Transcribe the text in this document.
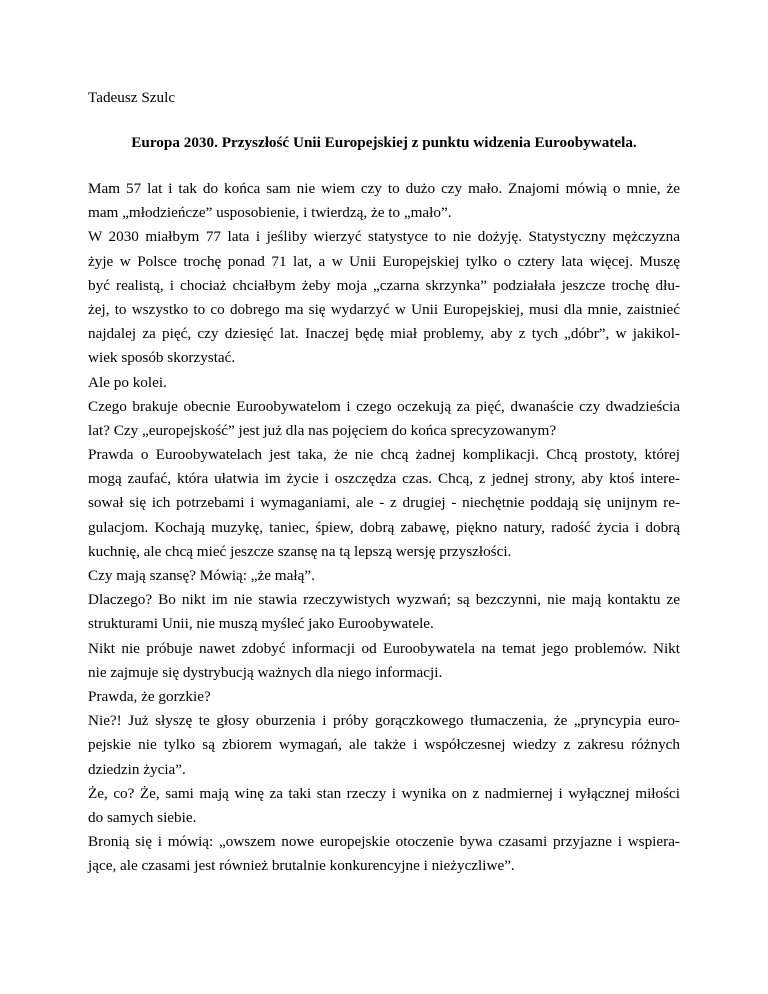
Tadeusz Szulc
Europa 2030. Przyszłość Unii Europejskiej z punktu widzenia Euroobywatela.
Mam 57 lat i tak do końca sam nie wiem czy to dużo czy mało. Znajomi mówią o mnie, że
mam „młodzieńcze” usposobienie, i twierdzą, że to „mało”.
W 2030 miałbym 77 lata i jeśliby wierzyć statystyce to nie dożyję. Statystyczny mężczyzna
żyje w Polsce trochę ponad 71 lat, a w Unii Europejskiej tylko o cztery lata więcej. Muszę
być realistą, i chociaż chciałbym żeby moja „czarna skrzynka” podziałała jeszcze trochę dłu-
żej, to wszystko to co dobrego ma się wydarzyć w Unii Europejskiej, musi dla mnie, zaistnieć
najdalej za pięć, czy dziesięć lat. Inaczej będę miał problemy, aby z tych „dóbr”, w jakikol-
wiek sposób skorzystać.
Ale po kolei.
Czego brakuje obecnie Euroobywatelom i czego oczekują za pięć, dwanaście czy dwadzieścia
lat? Czy „europejskość” jest już dla nas pojęciem do końca sprecyzowanym?
Prawda o Euroobywatelach jest taka, że nie chcą żadnej komplikacji. Chcą prostoty, której
mogą zaufać, która ułatwia im życie i oszczędza czas. Chcą, z jednej strony, aby ktoś intere-
sował się ich potrzebami i wymaganiami, ale - z drugiej - niechętnie poddają się unijnym re-
gulacjom. Kochają muzykę, taniec, śpiew, dobrą zabawę, piękno natury, radość życia i dobrą
kuchnię, ale chcą mieć jeszcze szansę na tą lepszą wersję przyszłości.
Czy mają szansę? Mówią: „że małą”.
Dlaczego? Bo nikt im nie stawia rzeczywistych wyzwań; są bezczynni, nie mają kontaktu ze
strukturami Unii, nie muszą myśleć jako Euroobywatele.
Nikt nie próbuje nawet zdobyć informacji od Euroobywatela na temat jego problemów. Nikt
nie zajmuje się dystrybucją ważnych dla niego informacji.
Prawda, że gorzkie?
Nie?! Już słyszę te głosy oburzenia i próby gorączkowego tłumaczenia, że „pryncypia euro-
pejskie nie tylko są zbiorem wymagań, ale także i współczesnej wiedzy z zakresu różnych
dziedzin życia”.
Że, co? Że, sami mają winę za taki stan rzeczy i wynika on z nadmiernej i wyłącznej miłości
do samych siebie.
Bronią się i mówią: „owszem nowe europejskie otoczenie bywa czasami przyjazne i wspiera-
jące, ale czasami jest również brutalnie konkurencyjne i nieżyczliwe”.
